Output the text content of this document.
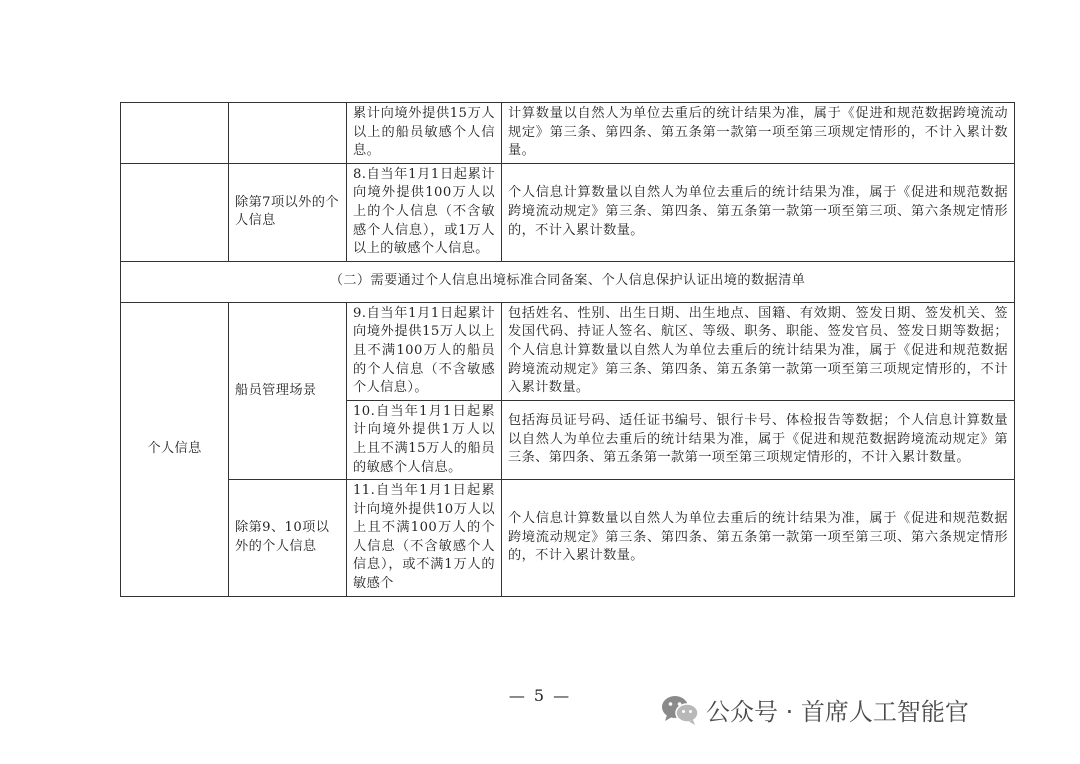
		累计向境外提供15万人以上的船员敏感个人信息。	计算数量以自然人为单位去重后的统计结果为准，属于《促进和规范数据跨境流动规定》第三条、第四条、第五条第一款第一项至第三项规定情形的，不计入累计数量。
	除第7项以外的个人信息	8.自当年1月1日起累计向境外提供100万人以上的个人信息（不含敏感个人信息），或1万人以上的敏感个人信息。	个人信息计算数量以自然人为单位去重后的统计结果为准，属于《促进和规范数据跨境流动规定》第三条、第四条、第五条第一款第一项至第三项、第六条规定情形的，不计入累计数量。
（二）需要通过个人信息出境标准合同备案、个人信息保护认证出境的数据清单			
个人信息	船员管理场景	9.自当年1月1日起累计向境外提供15万人以上且不满100万人的船员的个人信息（不含敏感个人信息）。	包括姓名、性别、出生日期、出生地点、国籍、有效期、签发日期、签发机关、签发国代码、持证人签名、航区、等级、职务、职能、签发官员、签发日期等数据；个人信息计算数量以自然人为单位去重后的统计结果为准，属于《促进和规范数据跨境流动规定》第三条、第四条、第五条第一款第一项至第三项规定情形的，不计入累计数量。
		10.自当年1月1日起累计向境外提供1万人以上且不满15万人的船员的敏感个人信息。	包括海员证号码、适任证书编号、银行卡号、体检报告等数据；个人信息计算数量以自然人为单位去重后的统计结果为准，属于《促进和规范数据跨境流动规定》第三条、第四条、第五条第一款第一项至第三项规定情形的，不计入累计数量。
	除第9、10项以外的个人信息	11.自当年1月1日起累计向境外提供10万人以上且不满100万人的个人信息（不含敏感个人信息），或不满1万人的敏感个	个人信息计算数量以自然人为单位去重后的统计结果为准，属于《促进和规范数据跨境流动规定》第三条、第四条、第五条第一款第一项至第三项、第六条规定情形的，不计入累计数量。
— 5 —
公众号 · 首席人工智能官
